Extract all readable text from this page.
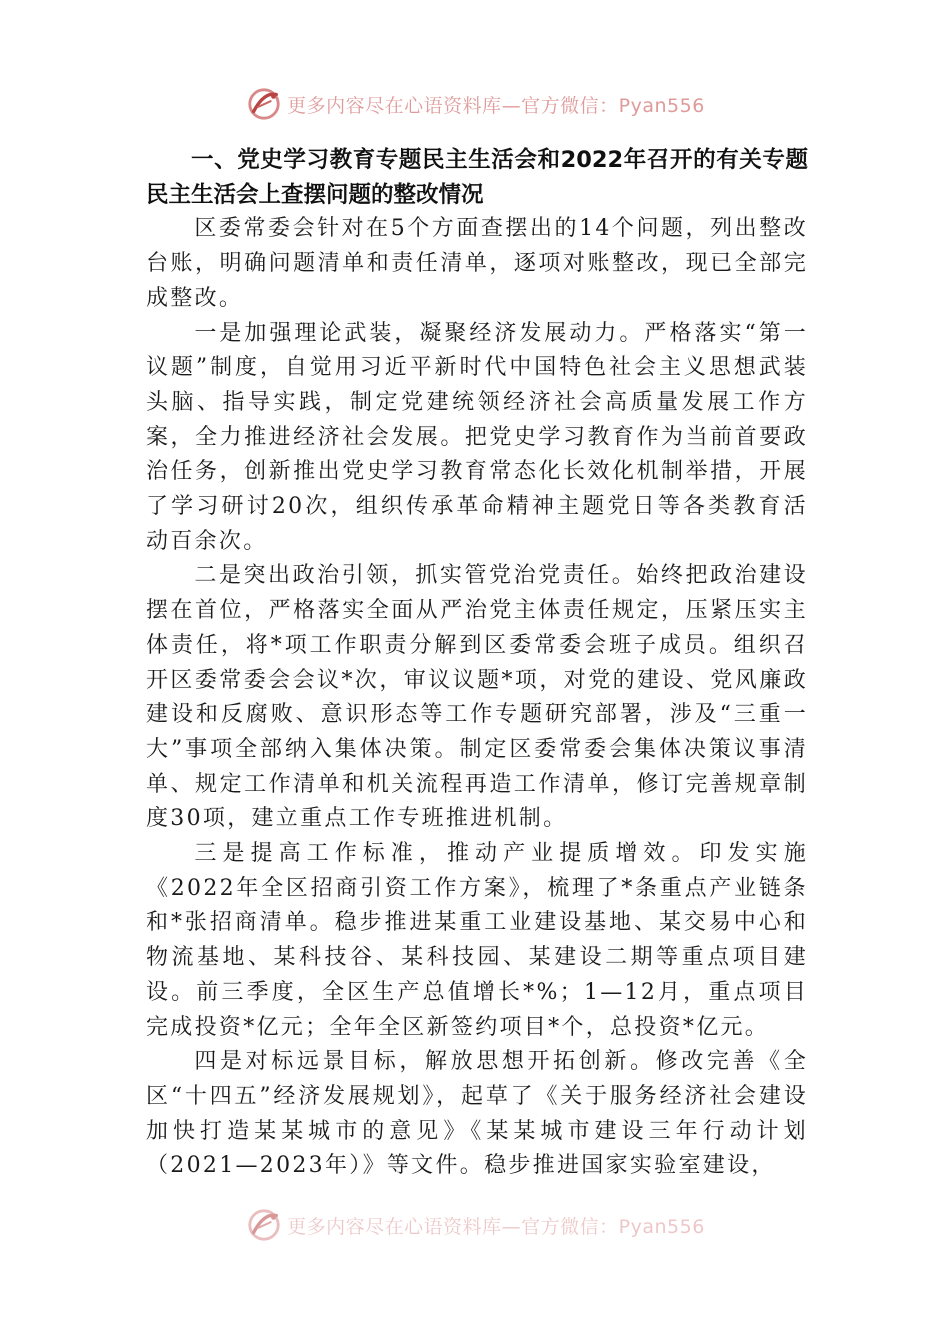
更多内容尽在心语资料库—官方微信：Pyan556

一、党史学习教育专题民主生活会和2022年召开的有关专题民主生活会上查摆问题的整改情况

区委常委会针对在5个方面查摆出的14个问题，列出整改台账，明确问题清单和责任清单，逐项对账整改，现已全部完成整改。

一是加强理论武装，凝聚经济发展动力。严格落实“第一议题”制度，自觉用习近平新时代中国特色社会主义思想武装头脑、指导实践，制定党建统领经济社会高质量发展工作方案，全力推进经济社会发展。把党史学习教育作为当前首要政治任务，创新推出党史学习教育常态化长效化机制举措，开展了学习研讨20次，组织传承革命精神主题党日等各类教育活动百余次。

二是突出政治引领，抓实管党治党责任。始终把政治建设摆在首位，严格落实全面从严治党主体责任规定，压紧压实主体责任，将*项工作职责分解到区委常委会班子成员。组织召开区委常委会会议*次，审议议题*项，对党的建设、党风廉政建设和反腐败、意识形态等工作专题研究部署，涉及“三重一大”事项全部纳入集体决策。制定区委常委会集体决策议事清单、规定工作清单和机关流程再造工作清单，修订完善规章制度30项，建立重点工作专班推进机制。

三是提高工作标准，推动产业提质增效。印发实施《2022年全区招商引资工作方案》，梳理了*条重点产业链条和*张招商清单。稳步推进某重工业建设基地、某交易中心和物流基地、某科技谷、某科技园、某建设二期等重点项目建设。前三季度，全区生产总值增长*%；1—12月，重点项目完成投资*亿元；全年全区新签约项目*个，总投资*亿元。

四是对标远景目标，解放思想开拓创新。修改完善《全区“十四五”经济发展规划》，起草了《关于服务经济社会建设加快打造某某城市的意见》《某某城市建设三年行动计划（2021—2023年）》等文件。稳步推进国家实验室建设，

更多内容尽在心语资料库—官方微信：Pyan556
